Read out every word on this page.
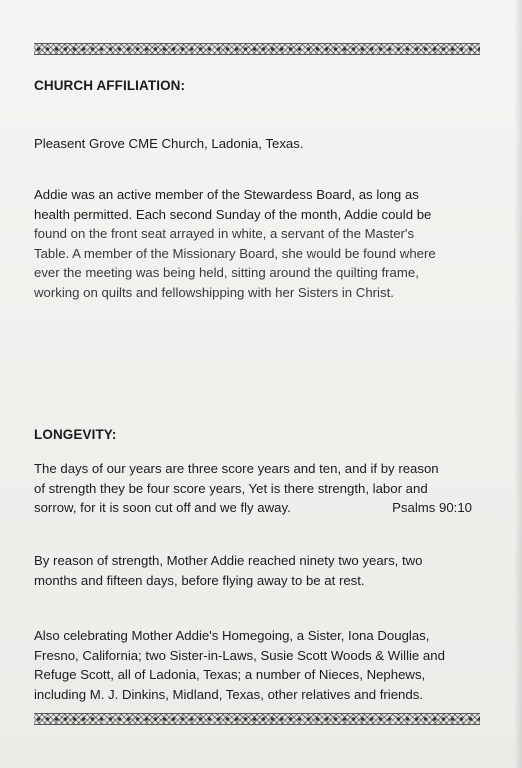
CHURCH AFFILIATION:
Pleasent Grove CME Church, Ladonia, Texas.
Addie was an active member of the Stewardess Board, as long as
health permitted. Each second Sunday of the month, Addie could be
found on the front seat arrayed in white, a servant of the Master's
Table. A member of the Missionary Board, she would be found where
ever the meeting was being held, sitting around the quilting frame,
working on quilts and fellowshipping with her Sisters in Christ.
LONGEVITY:
The days of our years are three score years and ten, and if by reason
of strength they be four score years, Yet is there strength, labor and
sorrow, for it is soon cut off and we fly away.	Psalms 90:10
By reason of strength, Mother Addie reached ninety two years, two
months and fifteen days, before flying away to be at rest.
Also celebrating Mother Addie's Homegoing, a Sister, Iona Douglas,
Fresno, California; two Sister-in-Laws, Susie Scott Woods & Willie and
Refuge Scott, all of Ladonia, Texas; a number of Nieces, Nephews,
including M. J. Dinkins, Midland, Texas, other relatives and friends.
